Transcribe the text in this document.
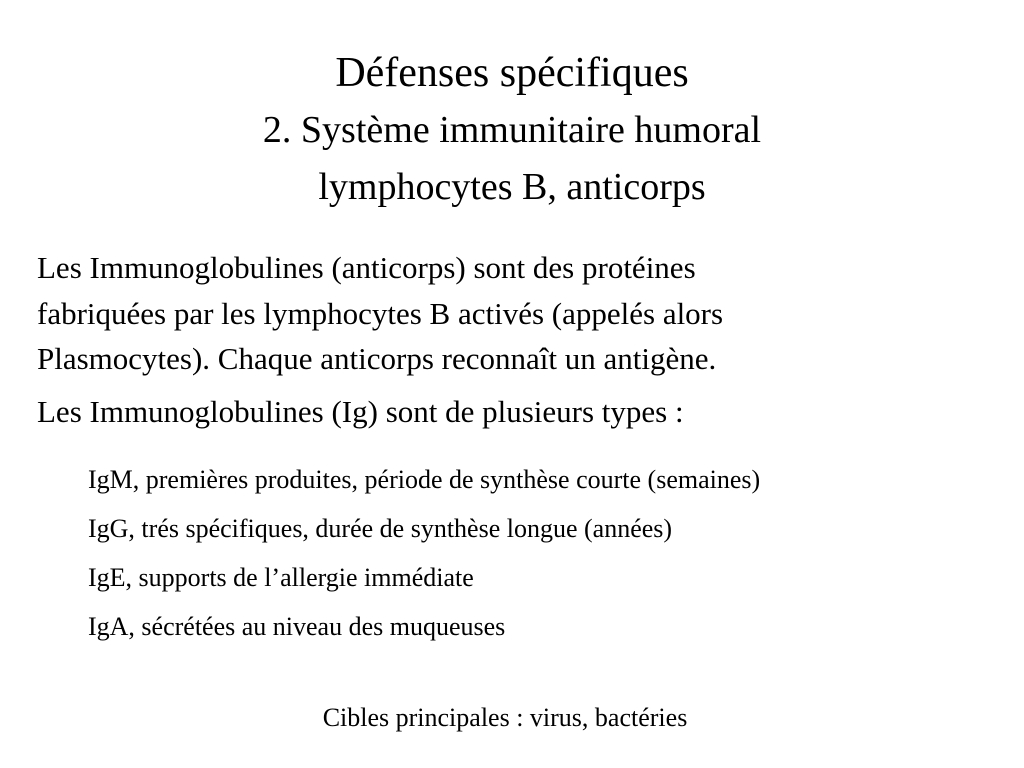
Défenses spécifiques
2. Système immunitaire humoral
lymphocytes B, anticorps

Les Immunoglobulines (anticorps) sont des protéines
fabriquées par les lymphocytes B activés (appelés alors
Plasmocytes). Chaque anticorps reconnaît un antigène.

Les Immunoglobulines (Ig) sont de plusieurs types :

IgM, premières produites, période de synthèse courte (semaines)

IgG, trés spécifiques, durée de synthèse longue (années)

IgE, supports de l’allergie immédiate

IgA, sécrétées au niveau des muqueuses

Cibles principales : virus, bactéries
